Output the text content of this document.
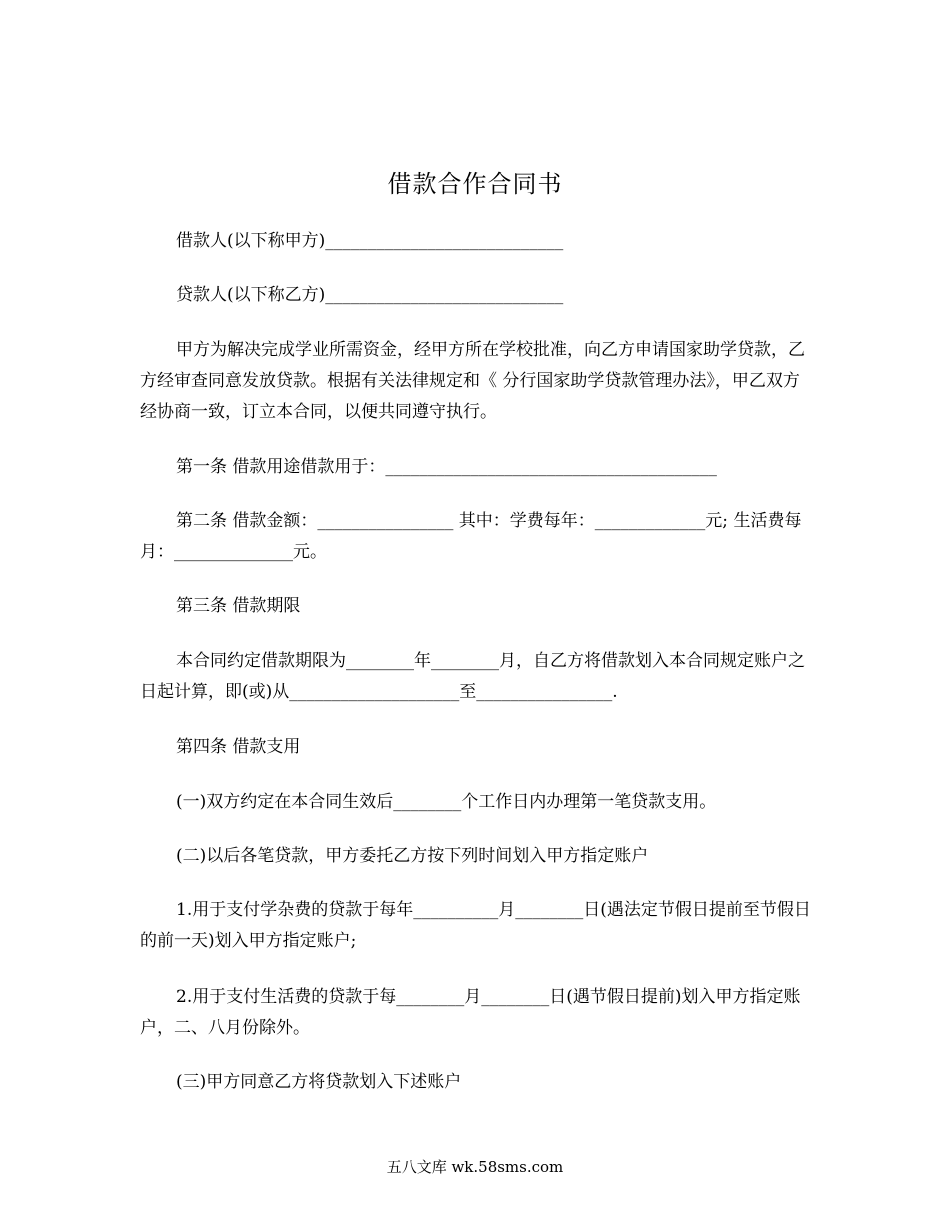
借款合作合同书

借款人(以下称甲方)____________________________

贷款人(以下称乙方)____________________________

甲方为解决完成学业所需资金，经甲方所在学校批准，向乙方申请国家助学贷款，乙方经审查同意发放贷款。根据有关法律规定和《 分行国家助学贷款管理办法》，甲乙双方经协商一致，订立本合同，以便共同遵守执行。

第一条 借款用途借款用于：_______________________________________

第二条 借款金额：________________ 其中：学费每年：_____________元; 生活费每月：______________元。

第三条 借款期限

本合同约定借款期限为________年________月，自乙方将借款划入本合同规定账户之日起计算，即(或)从____________________至________________.

第四条 借款支用

(一)双方约定在本合同生效后________个工作日内办理第一笔贷款支用。

(二)以后各笔贷款，甲方委托乙方按下列时间划入甲方指定账户

1.用于支付学杂费的贷款于每年__________月________日(遇法定节假日提前至节假日的前一天)划入甲方指定账户;

2.用于支付生活费的贷款于每________月________日(遇节假日提前)划入甲方指定账户，二、八月份除外。

(三)甲方同意乙方将贷款划入下述账户

五八文库 wk.58sms.com
